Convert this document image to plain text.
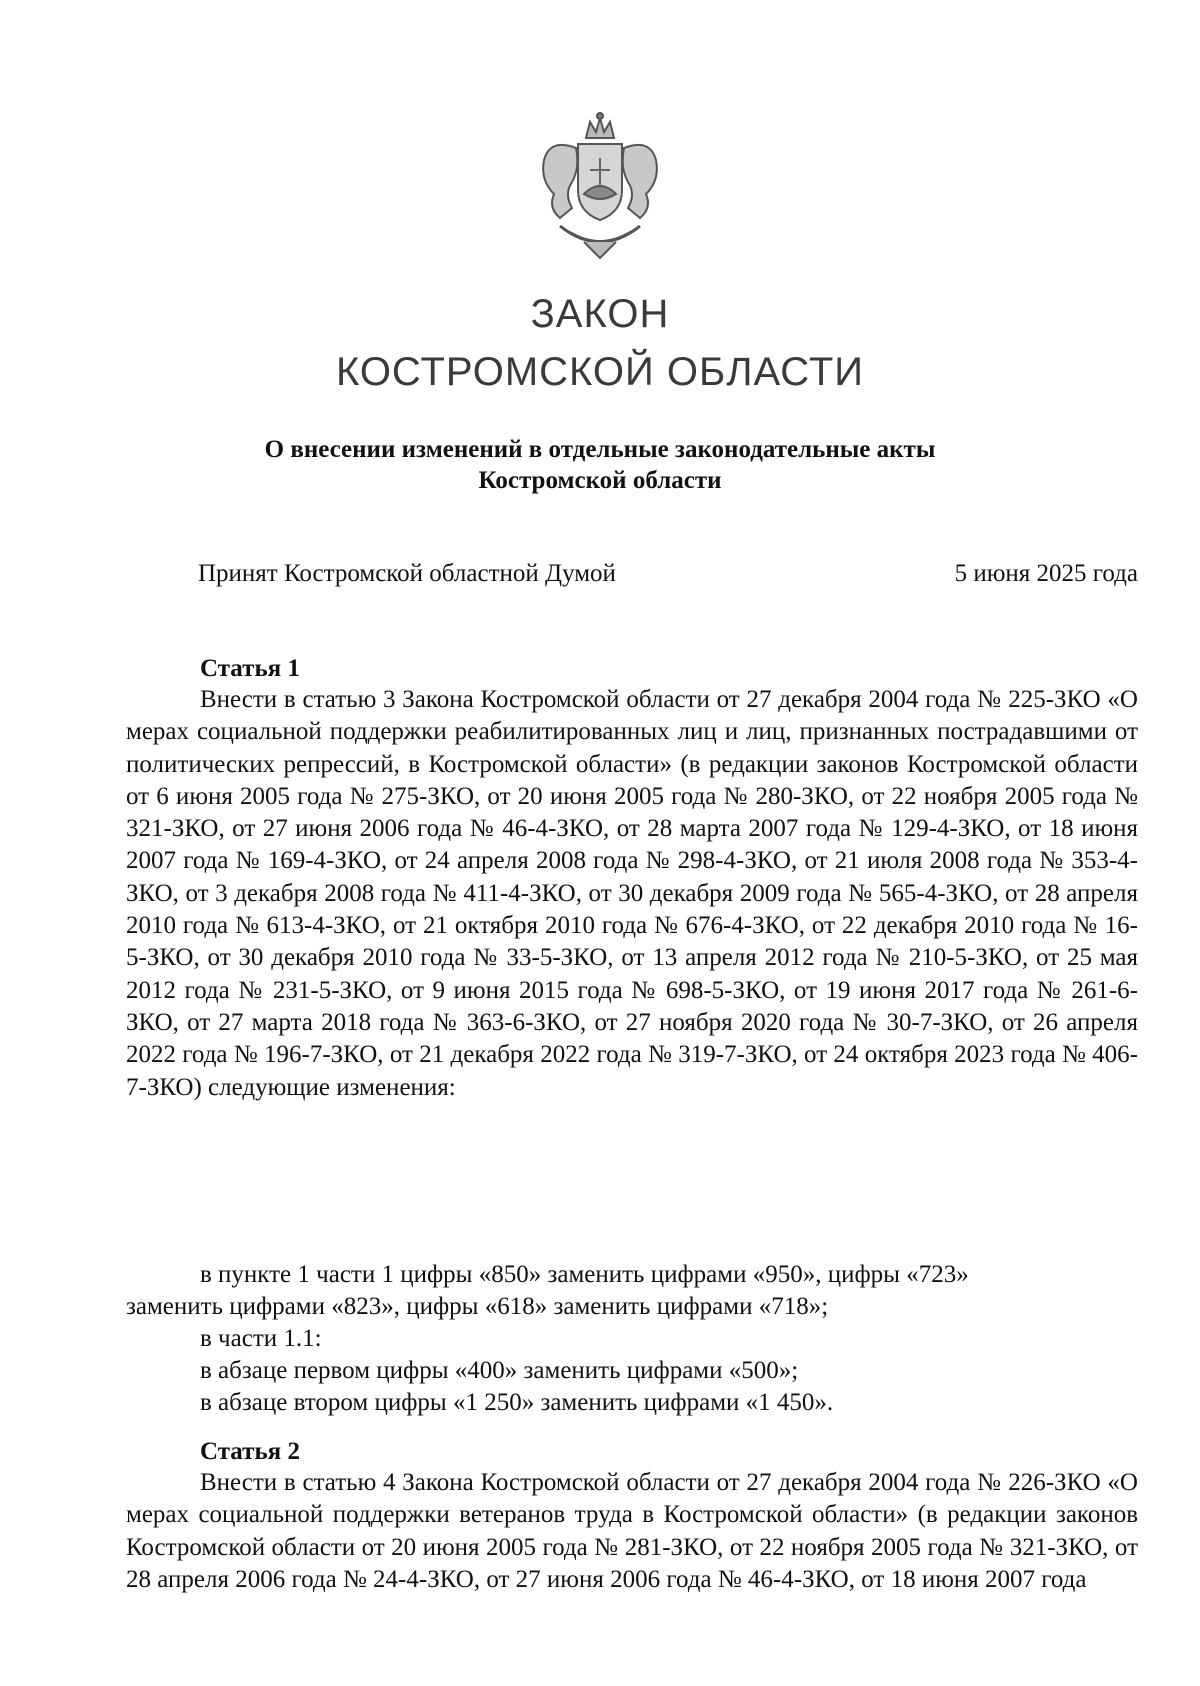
ЗАКОН
КОСТРОМСКОЙ ОБЛАСТИ
О внесении изменений в отдельные законодательные акты
Костромской области
Принят Костромской областной Думой	5 июня 2025 года
Статья 1

Внести в статью 3 Закона Костромской области от 27 декабря 2004 года № 225-ЗКО «О мерах социальной поддержки реабилитированных лиц и лиц, признанных пострадавшими от политических репрессий, в Костромской области» (в редакции законов Костромской области от 6 июня 2005 года № 275-ЗКО, от 20 июня 2005 года № 280-ЗКО, от 22 ноября 2005 года № 321-ЗКО, от 27 июня 2006 года № 46-4-ЗКО, от 28 марта 2007 года № 129-4-ЗКО, от 18 июня 2007 года № 169-4-ЗКО, от 24 апреля 2008 года № 298-4-ЗКО, от 21 июля 2008 года № 353-4-ЗКО, от 3 декабря 2008 года № 411-4-ЗКО, от 30 декабря 2009 года № 565-4-ЗКО, от 28 апреля 2010 года № 613-4-ЗКО, от 21 октября 2010 года № 676-4-ЗКО, от 22 декабря 2010 года № 16-5-ЗКО, от 30 декабря 2010 года № 33-5-ЗКО, от 13 апреля 2012 года № 210-5-ЗКО, от 25 мая 2012 года № 231-5-ЗКО, от 9 июня 2015 года № 698-5-ЗКО, от 19 июня 2017 года № 261-6-ЗКО, от 27 марта 2018 года № 363-6-ЗКО, от 27 ноября 2020 года № 30-7-ЗКО, от 26 апреля 2022 года № 196-7-ЗКО, от 21 декабря 2022 года № 319-7-ЗКО, от 24 октября 2023 года № 406-7-ЗКО) следующие изменения:

в пункте 1 части 1 цифры «850» заменить цифрами «950», цифры «723»
заменить цифрами «823», цифры «618» заменить цифрами «718»;
в части 1.1:
в абзаце первом цифры «400» заменить цифрами «500»;
в абзаце втором цифры «1 250» заменить цифрами «1 450».
Статья 2

Внести в статью 4 Закона Костромской области от 27 декабря 2004 года № 226-ЗКО «О мерах социальной поддержки ветеранов труда в Костромской области» (в редакции законов Костромской области от 20 июня 2005 года № 281-ЗКО, от 22 ноября 2005 года № 321-ЗКО, от 28 апреля 2006 года № 24-4-ЗКО, от 27 июня 2006 года № 46-4-ЗКО, от 18 июня 2007 года
